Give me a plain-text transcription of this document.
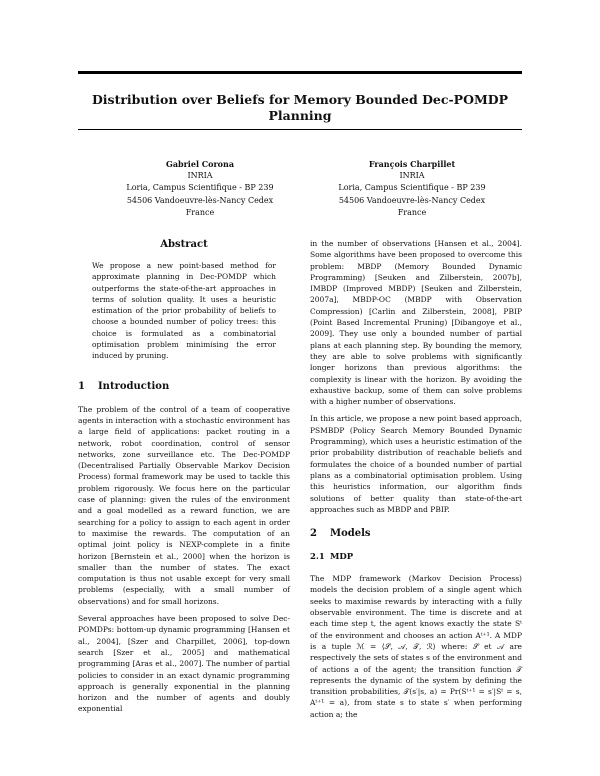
Distribution over Beliefs for Memory Bounded Dec-POMDP Planning
Gabriel Corona
INRIA
Loria, Campus Scientifique - BP 239
54506 Vandoeuvre-lès-Nancy Cedex
France
François Charpillet
INRIA
Loria, Campus Scientifique - BP 239
54506 Vandoeuvre-lès-Nancy Cedex
France
Abstract

We propose a new point-based method for approximate planning in Dec-POMDP which outperforms the state-of-the-art approaches in terms of solution quality. It uses a heuristic estimation of the prior probability of beliefs to choose a bounded number of policy trees: this choice is formulated as a combinatorial optimisation problem minimising the error induced by pruning.

1 Introduction

The problem of the control of a team of cooperative agents in interaction with a stochastic environment has a large field of applications: packet routing in a network, robot coordination, control of sensor networks, zone surveillance etc. The Dec-POMDP (Decentralised Partially Observable Markov Decision Process) formal framework may be used to tackle this problem rigorously. We focus here on the particular case of planning: given the rules of the environment and a goal modelled as a reward function, we are searching for a policy to assign to each agent in order to maximise the rewards. The computation of an optimal joint policy is NEXP-complete in a finite horizon [Bernstein et al., 2000] when the horizon is smaller than the number of states. The exact computation is thus not usable except for very small problems (especially, with a small number of observations) and for small horizons.

Several approaches have been proposed to solve Dec-POMDPs: bottom-up dynamic programming [Hansen et al., 2004], [Szer and Charpillet, 2006], top-down search [Szer et al., 2005] and mathematical programming [Aras et al., 2007]. The number of partial policies to consider in an exact dynamic programming approach is generally exponential in the planning horizon and the number of agents and doubly exponential

in the number of observations [Hansen et al., 2004]. Some algorithms have been proposed to overcome this problem: MBDP (Memory Bounded Dynamic Programming) [Seuken and Zilberstein, 2007b], IMBDP (Improved MBDP) [Seuken and Zilberstein, 2007a], MBDP-OC (MBDP with Observation Compression) [Carlin and Zilberstein, 2008], PBIP (Point Based Incremental Pruning) [Dibangoye et al., 2009]. They use only a bounded number of partial plans at each planning step. By bounding the memory, they are able to solve problems with significantly longer horizons than previous algorithms: the complexity is linear with the horizon. By avoiding the exhaustive backup, some of them can solve problems with a higher number of observations.

In this article, we propose a new point based approach, PSMBDP (Policy Search Memory Bounded Dynamic Programming), which uses a heuristic estimation of the prior probability distribution of reachable beliefs and formulates the choice of a bounded number of partial plans as a combinatorial optimisation problem. Using this heuristics information, our algorithm finds solutions of better quality than state-of-the-art approaches such as MBDP and PBIP.

2 Models
2.1 MDP

The MDP framework (Markov Decision Process) models the decision problem of a single agent which seeks to maximise rewards by interacting with a fully observable environment. The time is discrete and at each time step t, the agent knows exactly the state Sᵗ of the environment and chooses an action Aᵗ⁺¹. A MDP is a tuple ℳ = ⟨𝒮, 𝒜, 𝒯, ℛ⟩ where: 𝒮 et 𝒜 are respectively the sets of states s of the environment and of actions a of the agent; the transition function 𝒯 represents the dynamic of the system by defining the transition probabilities, 𝒯(s′|s, a) = Pr(Sᵗ⁺¹ = s′|Sᵗ = s, Aᵗ⁺¹ = a), from state s to state s′ when performing action a; the
